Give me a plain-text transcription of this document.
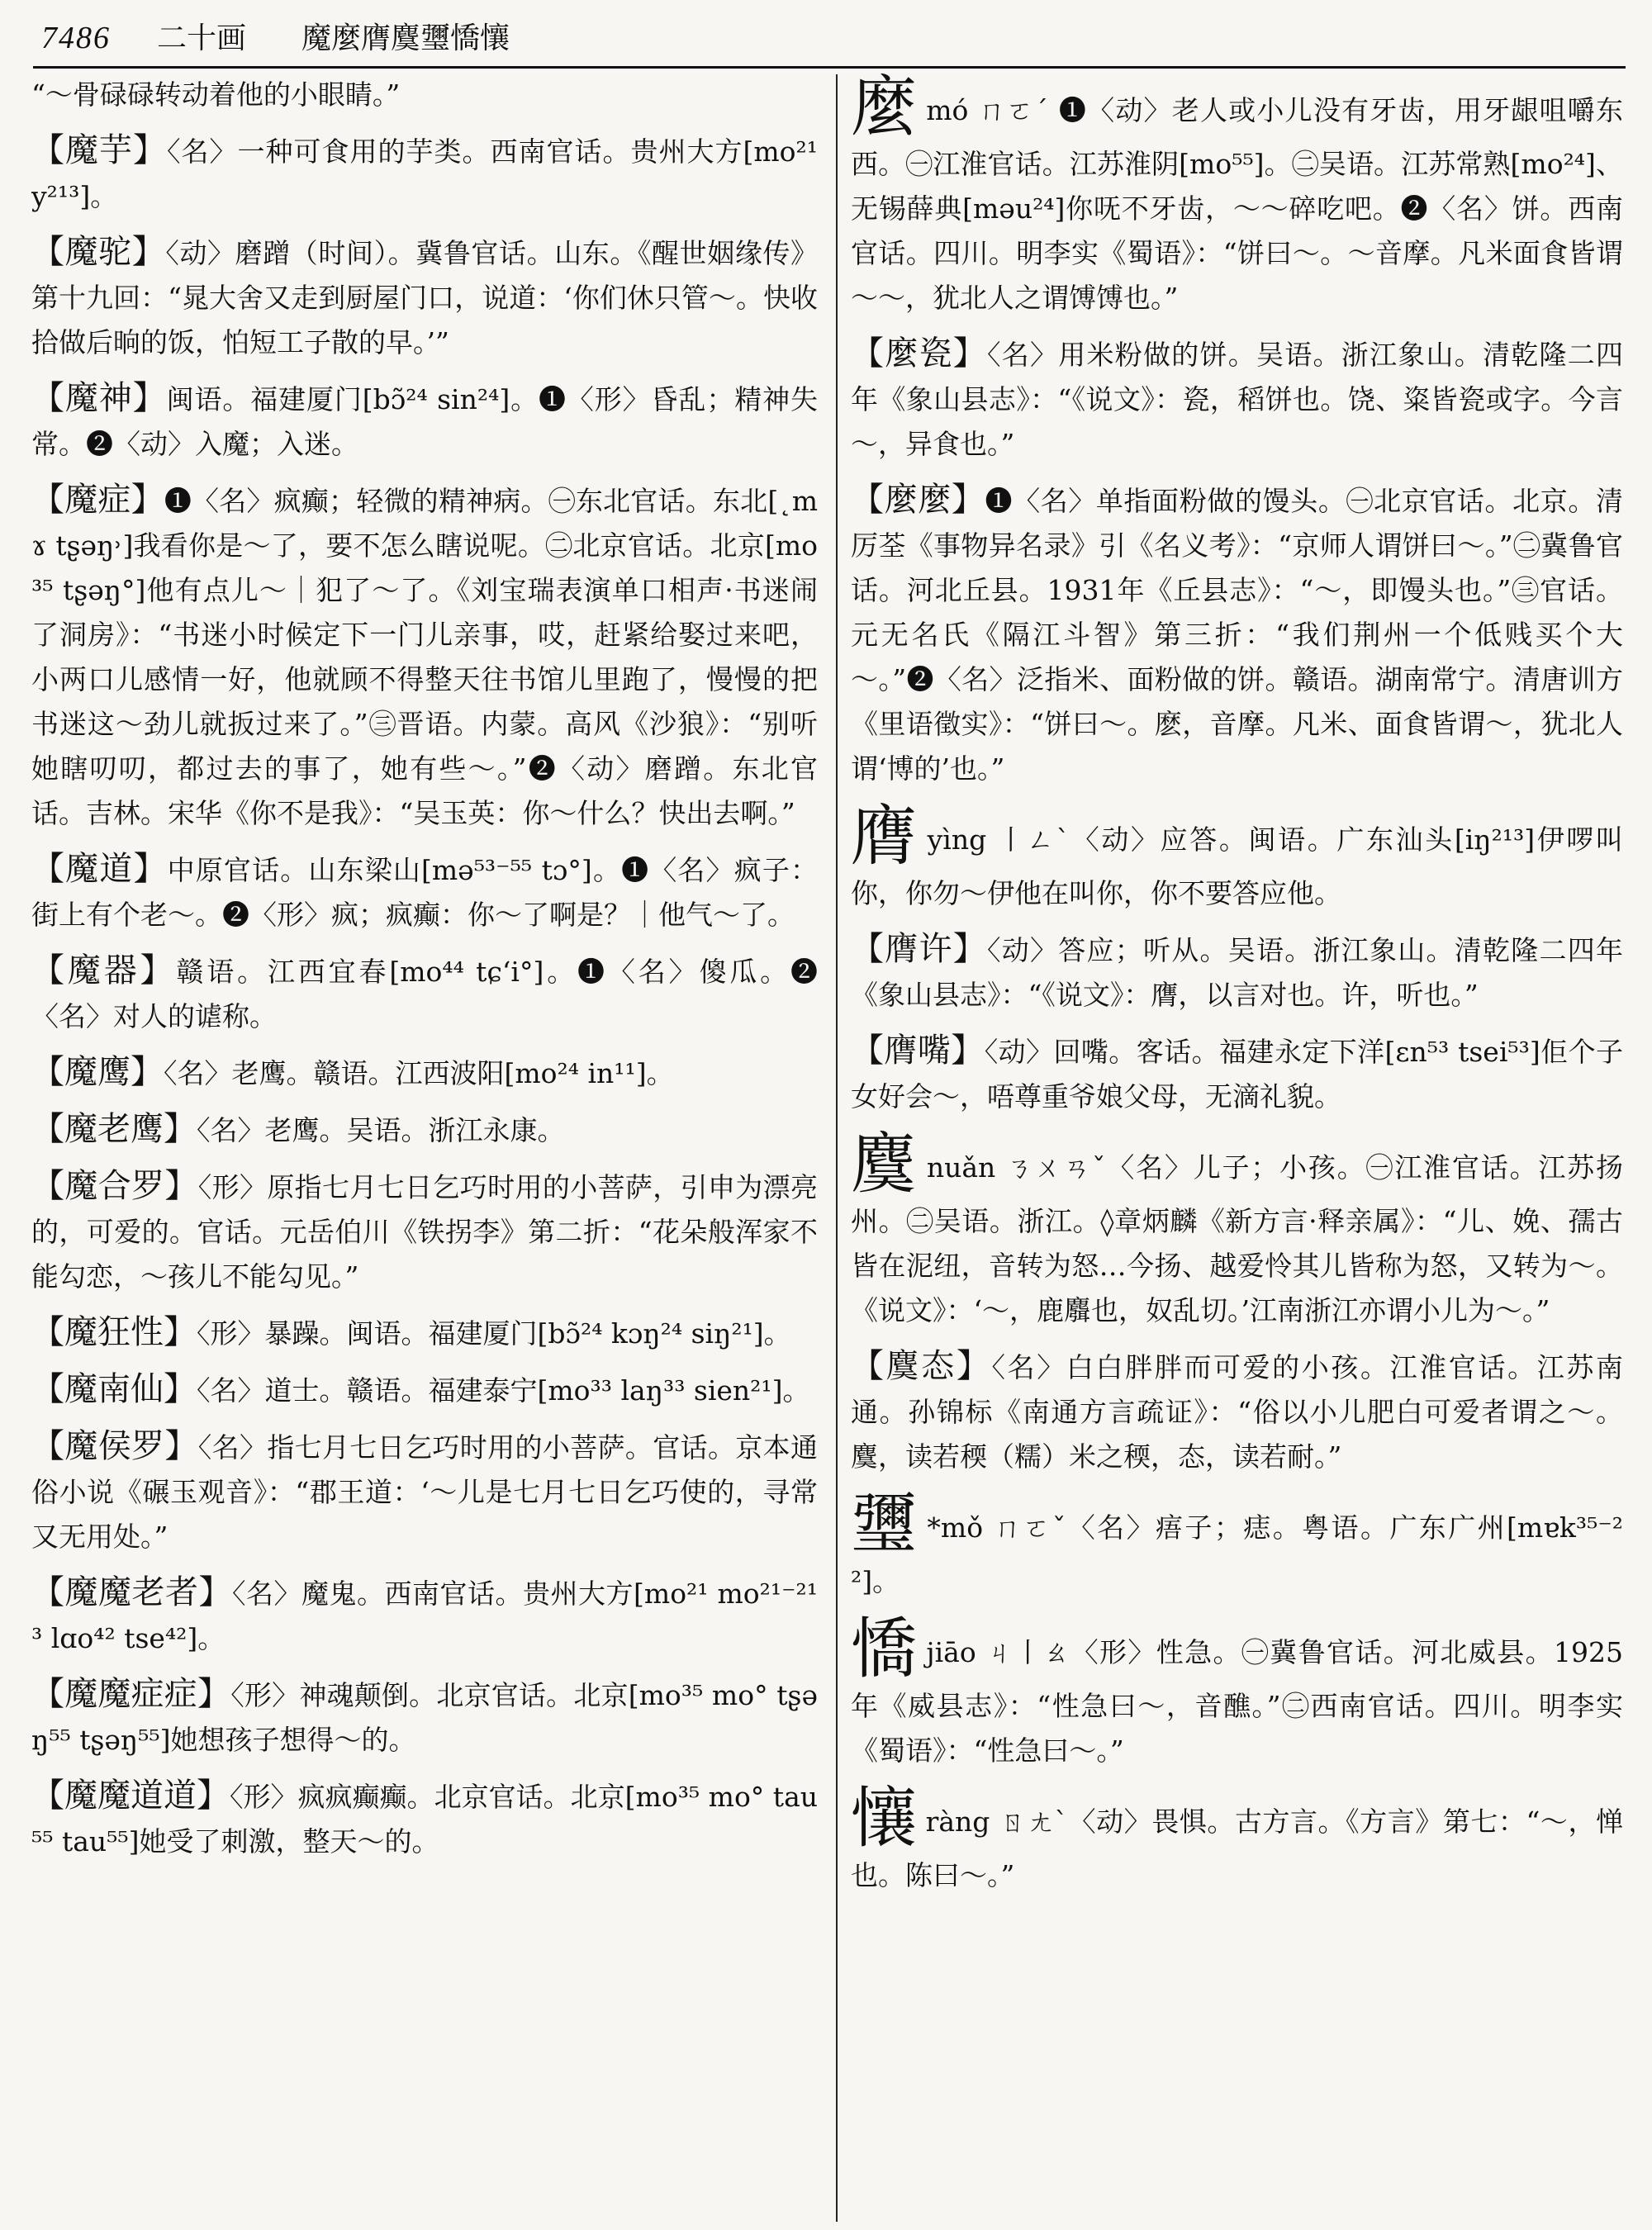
7486	二十画	魔麼膺麌瓕憍懹
“～骨碌碌转动着他的小眼睛。”
【魔芋】〈名〉一种可食用的芋类。西南官话。贵州大方[mo²¹ y²¹³]。
【魔驼】〈动〉磨蹭（时间）。冀鲁官话。山东。《醒世姻缘传》第十九回：“晁大舍又走到厨屋门口，说道：‘你们休只管～。快收拾做后晌的饭，怕短工子散的早。’”
【魔神】闽语。福建厦门[bɔ̃²⁴ sin²⁴]。❶〈形〉昏乱；精神失常。❷〈动〉入魔；入迷。
【魔症】❶〈名〉疯癫；轻微的精神病。㊀东北官话。东北[˛mɤ tʂəŋ˒]我看你是～了，要不怎么瞎说呢。㊁北京官话。北京[mo³⁵ tʂəŋ°]他有点儿～｜犯了～了。《刘宝瑞表演单口相声·书迷闹了洞房》：“书迷小时候定下一门儿亲事，哎，赶紧给娶过来吧，小两口儿感情一好，他就顾不得整天往书馆儿里跑了，慢慢的把书迷这～劲儿就扳过来了。”㊂晋语。内蒙。高风《沙狼》：“别听她瞎叨叨，都过去的事了，她有些～。”❷〈动〉磨蹭。东北官话。吉林。宋华《你不是我》：“吴玉英：你～什么？快出去啊。”
【魔道】中原官话。山东梁山[mə⁵³⁻⁵⁵ tɔ°]。❶〈名〉疯子：街上有个老～。❷〈形〉疯；疯癫：你～了啊是？｜他气～了。
【魔器】赣语。江西宜春[mo⁴⁴ tɕʻi°]。❶〈名〉傻瓜。❷〈名〉对人的谑称。
【魔鹰】〈名〉老鹰。赣语。江西波阳[mo²⁴ in¹¹]。
【魔老鹰】〈名〉老鹰。吴语。浙江永康。
【魔合罗】〈形〉原指七月七日乞巧时用的小菩萨，引申为漂亮的，可爱的。官话。元岳伯川《铁拐李》第二折：“花朵般浑家不能勾恋，～孩儿不能勾见。”
【魔狂性】〈形〉暴躁。闽语。福建厦门[bɔ̃²⁴ kɔŋ²⁴ siŋ²¹]。
【魔南仙】〈名〉道士。赣语。福建泰宁[mo³³ laŋ³³ sien²¹]。
【魔侯罗】〈名〉指七月七日乞巧时用的小菩萨。官话。京本通俗小说《碾玉观音》：“郡王道：‘～儿是七月七日乞巧使的，寻常又无用处。”
【魔魔老者】〈名〉魔鬼。西南官话。贵州大方[mo²¹ mo²¹⁻²¹³ lɑo⁴² tse⁴²]。
【魔魔症症】〈形〉神魂颠倒。北京官话。北京[mo³⁵ mo° tʂəŋ⁵⁵ tʂəŋ⁵⁵]她想孩子想得～的。
【魔魔道道】〈形〉疯疯癫癫。北京官话。北京[mo³⁵ mo° tau⁵⁵ tau⁵⁵]她受了刺激，整天～的。
麼mó ㄇㄛˊ ❶〈动〉老人或小儿没有牙齿，用牙龈咀嚼东西。㊀江淮官话。江苏淮阴[mo⁵⁵]。㊁吴语。江苏常熟[mo²⁴]、无锡薛典[məu²⁴]你呒不牙齿，～～碎吃吧。❷〈名〉饼。西南官话。四川。明李实《蜀语》：“饼曰～。～音摩。凡米面食皆谓～～，犹北人之谓馎馎也。”
【麼瓷】〈名〉用米粉做的饼。吴语。浙江象山。清乾隆二四年《象山县志》：“《说文》：瓷，稻饼也。饶、粢皆瓷或字。今言～，异食也。”
【麼麼】❶〈名〉单指面粉做的馒头。㊀北京官话。北京。清厉荃《事物异名录》引《名义考》：“京师人谓饼曰～。”㊁冀鲁官话。河北丘县。1931年《丘县志》：“～，即馒头也。”㊂官话。元无名氏《隔江斗智》第三折：“我们荆州一个低贱买个大～。”❷〈名〉泛指米、面粉做的饼。赣语。湖南常宁。清唐训方《里语徵实》：“饼曰～。麽，音摩。凡米、面食皆谓～，犹北人谓‘博的’也。”
膺yìng 丨ㄥˋ〈动〉应答。闽语。广东汕头[iŋ²¹³]伊啰叫你，你勿～伊他在叫你，你不要答应他。
【膺许】〈动〉答应；听从。吴语。浙江象山。清乾隆二四年《象山县志》：“《说文》：膺，以言对也。许，听也。”
【膺嘴】〈动〉回嘴。客话。福建永定下洋[ɛn⁵³ tsei⁵³]佢个子女好会～，唔尊重爷娘父母，无滴礼貌。
麌nuǎn ㄋㄨㄢˇ〈名〉儿子；小孩。㊀江淮官话。江苏扬州。㊁吴语。浙江。◊章炳麟《新方言·释亲属》：“儿、娩、孺古皆在泥纽，音转为怒…今扬、越爱怜其儿皆称为怒，又转为～。《说文》：‘～，鹿麛也，奴乱切。’江南浙江亦谓小儿为～。”
【麌态】〈名〉白白胖胖而可爱的小孩。江淮官话。江苏南通。孙锦标《南通方言疏证》：“俗以小儿肥白可爱者谓之～。麌，读若稬（糯）米之稬，态，读若耐。”
瓕 *mǒ ㄇㄛˇ〈名〉痦子；痣。粤语。广东广州[mɐk³⁵⁻²²]。
憍jiāo ㄐ丨ㄠ〈形〉性急。㊀冀鲁官话。河北威县。1925年《威县志》：“性急曰～，音醮。”㊁西南官话。四川。明李实《蜀语》：“性急曰～。”
懹ràng ㄖㄤˋ〈动〉畏惧。古方言。《方言》第七：“～，惮也。陈曰～。”
